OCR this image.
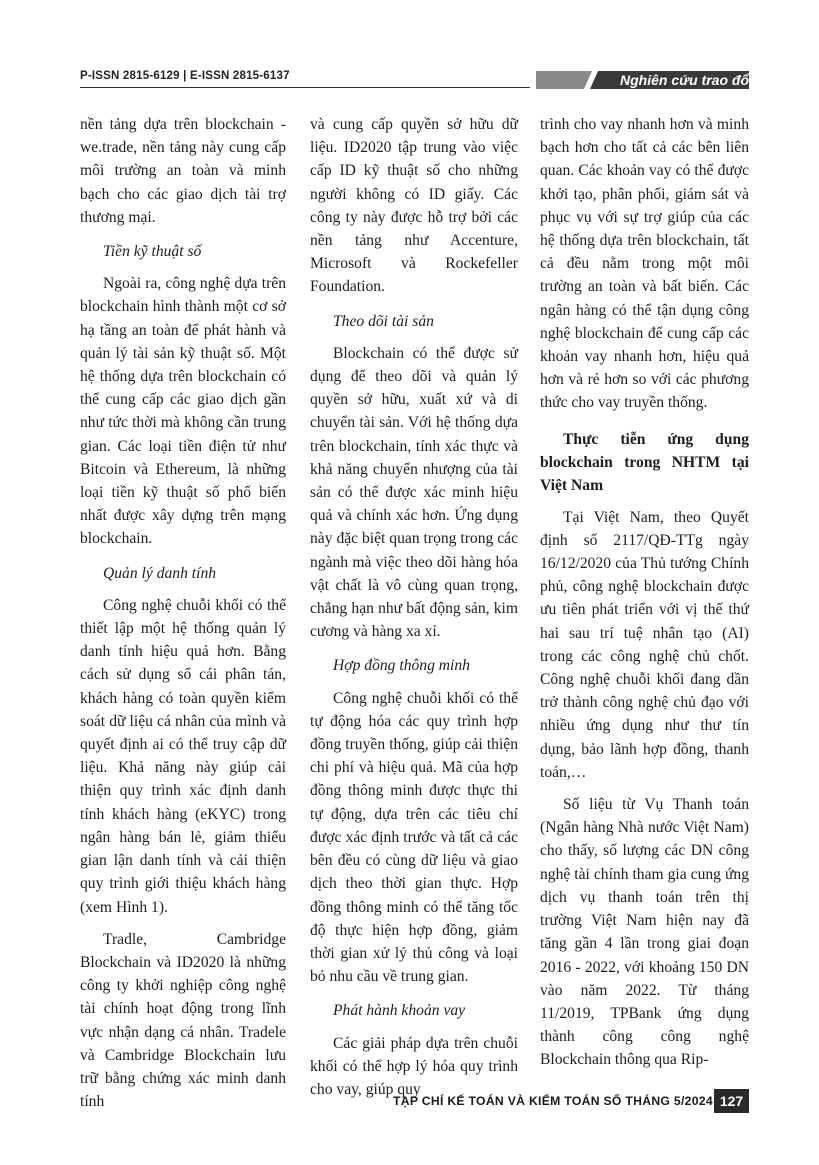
P-ISSN 2815-6129 | E-ISSN 2815-6137	Nghiên cứu trao đổi

nền tảng dựa trên blockchain - we.trade, nền tảng này cung cấp môi trường an toàn và minh bạch cho các giao dịch tài trợ thương mại.

Tiền kỹ thuật số

Ngoài ra, công nghệ dựa trên blockchain hình thành một cơ sở hạ tầng an toàn để phát hành và quản lý tài sản kỹ thuật số. Một hệ thống dựa trên blockchain có thể cung cấp các giao dịch gần như tức thời mà không cần trung gian. Các loại tiền điện tử như Bitcoin và Ethereum, là những loại tiền kỹ thuật số phổ biến nhất được xây dựng trên mạng blockchain.

Quản lý danh tính

Công nghệ chuỗi khối có thể thiết lập một hệ thống quản lý danh tính hiệu quả hơn. Bằng cách sử dụng sổ cái phân tán, khách hàng có toàn quyền kiểm soát dữ liệu cá nhân của mình và quyết định ai có thể truy cập dữ liệu. Khả năng này giúp cải thiện quy trình xác định danh tính khách hàng (eKYC) trong ngân hàng bán lẻ, giảm thiểu gian lận danh tính và cải thiện quy trình giới thiệu khách hàng (xem Hình 1).

Tradle, Cambridge Blockchain và ID2020 là những công ty khởi nghiệp công nghệ tài chính hoạt động trong lĩnh vực nhận dạng cá nhân. Tradele và Cambridge Blockchain lưu trữ bằng chứng xác minh danh tính

và cung cấp quyền sở hữu dữ liệu. ID2020 tập trung vào việc cấp ID kỹ thuật số cho những người không có ID giấy. Các công ty này được hỗ trợ bởi các nền tảng như Accenture, Microsoft và Rockefeller Foundation.

Theo dõi tài sản

Blockchain có thể được sử dụng để theo dõi và quản lý quyền sở hữu, xuất xứ và di chuyển tài sản. Với hệ thống dựa trên blockchain, tính xác thực và khả năng chuyển nhượng của tài sản có thể được xác minh hiệu quả và chính xác hơn. Ứng dụng này đặc biệt quan trọng trong các ngành mà việc theo dõi hàng hóa vật chất là vô cùng quan trọng, chẳng hạn như bất động sản, kim cương và hàng xa xỉ.

Hợp đồng thông minh

Công nghệ chuỗi khối có thể tự động hóa các quy trình hợp đồng truyền thống, giúp cải thiện chi phí và hiệu quả. Mã của hợp đồng thông minh được thực thi tự động, dựa trên các tiêu chí được xác định trước và tất cả các bên đều có cùng dữ liệu và giao dịch theo thời gian thực. Hợp đồng thông minh có thể tăng tốc độ thực hiện hợp đồng, giảm thời gian xử lý thủ công và loại bỏ nhu cầu về trung gian.

Phát hành khoản vay

Các giải pháp dựa trên chuỗi khối có thể hợp lý hóa quy trình cho vay, giúp quy

trình cho vay nhanh hơn và minh bạch hơn cho tất cả các bên liên quan. Các khoản vay có thể được khởi tạo, phân phối, giám sát và phục vụ với sự trợ giúp của các hệ thống dựa trên blockchain, tất cả đều nằm trong một môi trường an toàn và bất biến. Các ngân hàng có thể tận dụng công nghệ blockchain để cung cấp các khoản vay nhanh hơn, hiệu quả hơn và rẻ hơn so với các phương thức cho vay truyền thống.

Thực tiễn ứng dụng blockchain trong NHTM tại Việt Nam

Tại Việt Nam, theo Quyết định số 2117/QĐ-TTg ngày 16/12/2020 của Thủ tướng Chính phủ, công nghệ blockchain được ưu tiên phát triển với vị thế thứ hai sau trí tuệ nhân tạo (AI) trong các công nghệ chủ chốt. Công nghệ chuỗi khối đang dần trở thành công nghệ chủ đạo với nhiều ứng dụng như thư tín dụng, bảo lãnh hợp đồng, thanh toán,…

Số liệu từ Vụ Thanh toán (Ngân hàng Nhà nước Việt Nam) cho thấy, số lượng các DN công nghệ tài chính tham gia cung ứng dịch vụ thanh toán trên thị trường Việt Nam hiện nay đã tăng gần 4 lần trong giai đoạn 2016 - 2022, với khoảng 150 DN vào năm 2022. Từ tháng 11/2019, TPBank ứng dụng thành công công nghệ Blockchain thông qua Rip-

TẠP CHÍ KẾ TOÁN VÀ KIỂM TOÁN SỐ THÁNG 5/2024 127
